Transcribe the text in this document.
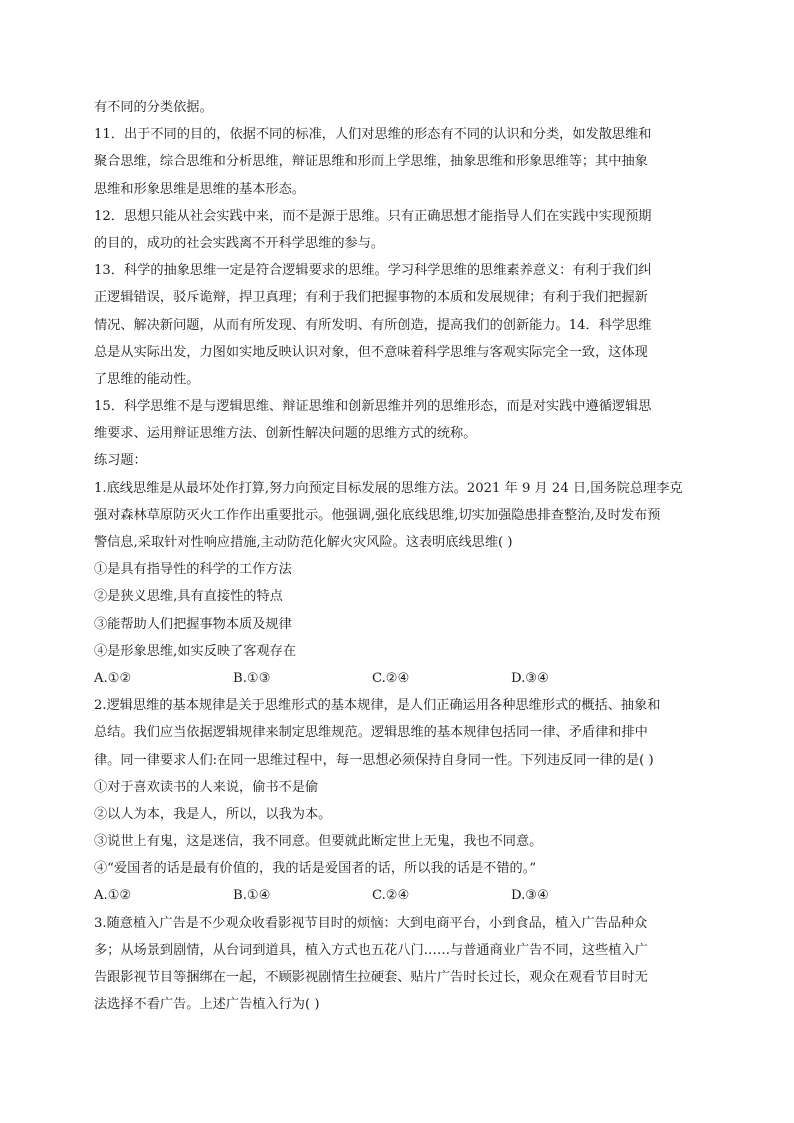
有不同的分类依据。
11．出于不同的目的，依据不同的标准，人们对思维的形态有不同的认识和分类，如发散思维和
聚合思维，综合思维和分析思维，辩证思维和形而上学思维，抽象思维和形象思维等；其中抽象
思维和形象思维是思维的基本形态。
12．思想只能从社会实践中来，而不是源于思维。只有正确思想才能指导人们在实践中实现预期
的目的，成功的社会实践离不开科学思维的参与。
13．科学的抽象思维一定是符合逻辑要求的思维。学习科学思维的思维素养意义：有利于我们纠
正逻辑错误，驳斥诡辩，捍卫真理；有利于我们把握事物的本质和发展规律；有利于我们把握新
情况、解决新问题，从而有所发现、有所发明、有所创造，提高我们的创新能力。14．科学思维
总是从实际出发，力图如实地反映认识对象，但不意味着科学思维与客观实际完全一致，这体现
了思维的能动性。
15．科学思维不是与逻辑思维、辩证思维和创新思维并列的思维形态，而是对实践中遵循逻辑思
维要求、运用辩证思维方法、创新性解决问题的思维方式的统称。
练习题：
1.底线思维是从最坏处作打算,努力向预定目标发展的思维方法。2021 年 9 月 24 日,国务院总理李克
强对森林草原防灭火工作作出重要批示。他强调,强化底线思维,切实加强隐患排查整治,及时发布预
警信息,采取针对性响应措施,主动防范化解火灾风险。这表明底线思维( )
①是具有指导性的科学的工作方法
②是狭义思维,具有直接性的特点
③能帮助人们把握事物本质及规律
④是形象思维,如实反映了客观存在
A.①②	B.①③	C.②④	D.③④
2.逻辑思维的基本规律是关于思维形式的基本规律，是人们正确运用各种思维形式的概括、抽象和
总结。我们应当依据逻辑规律来制定思维规范。逻辑思维的基本规律包括同一律、矛盾律和排中
律。同一律要求人们:在同一思维过程中，每一思想必须保持自身同一性。下列违反同一律的是( )
①对于喜欢读书的人来说，偷书不是偷
②以人为本，我是人，所以，以我为本。
③说世上有鬼，这是迷信，我不同意。但要就此断定世上无鬼，我也不同意。
④“爱国者的话是最有价值的，我的话是爱国者的话，所以我的话是不错的。”
A.①②	B.①④	C.②④	D.③④
3.随意植入广告是不少观众收看影视节目时的烦恼：大到电商平台，小到食品，植入广告品种众
多；从场景到剧情，从台词到道具，植入方式也五花八门……与普通商业广告不同，这些植入广
告跟影视节目等捆绑在一起，不顾影视剧情生拉硬套、贴片广告时长过长，观众在观看节目时无
法选择不看广告。上述广告植入行为( )
